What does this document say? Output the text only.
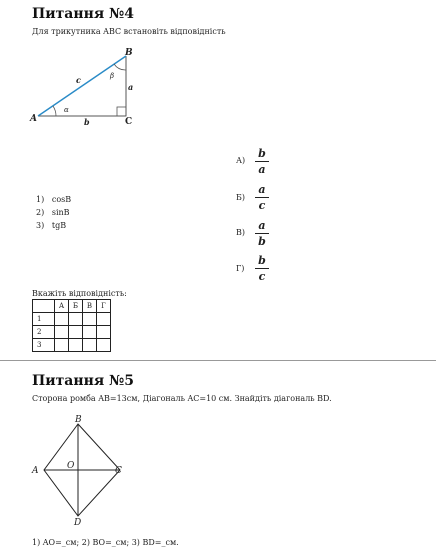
Питання №4
Для трикутника ABC встановіть відповідність
A
B
C
a
b
c
α
β
1) cosB
2) sinB
3) tgB
А)
b
a
Б)
a
c
В)
a
b
Г)
b
c
Вкажіть відповідність:
	А	Б	В	Г
1				
2				
3				
Питання №5
Сторона ромба AB=13см, Діагональ AC=10 см. Знайдіть діагональ BD.
B
A	C
D
O
1) AO=_см; 2) BO=_см; 3) BD=_см.
